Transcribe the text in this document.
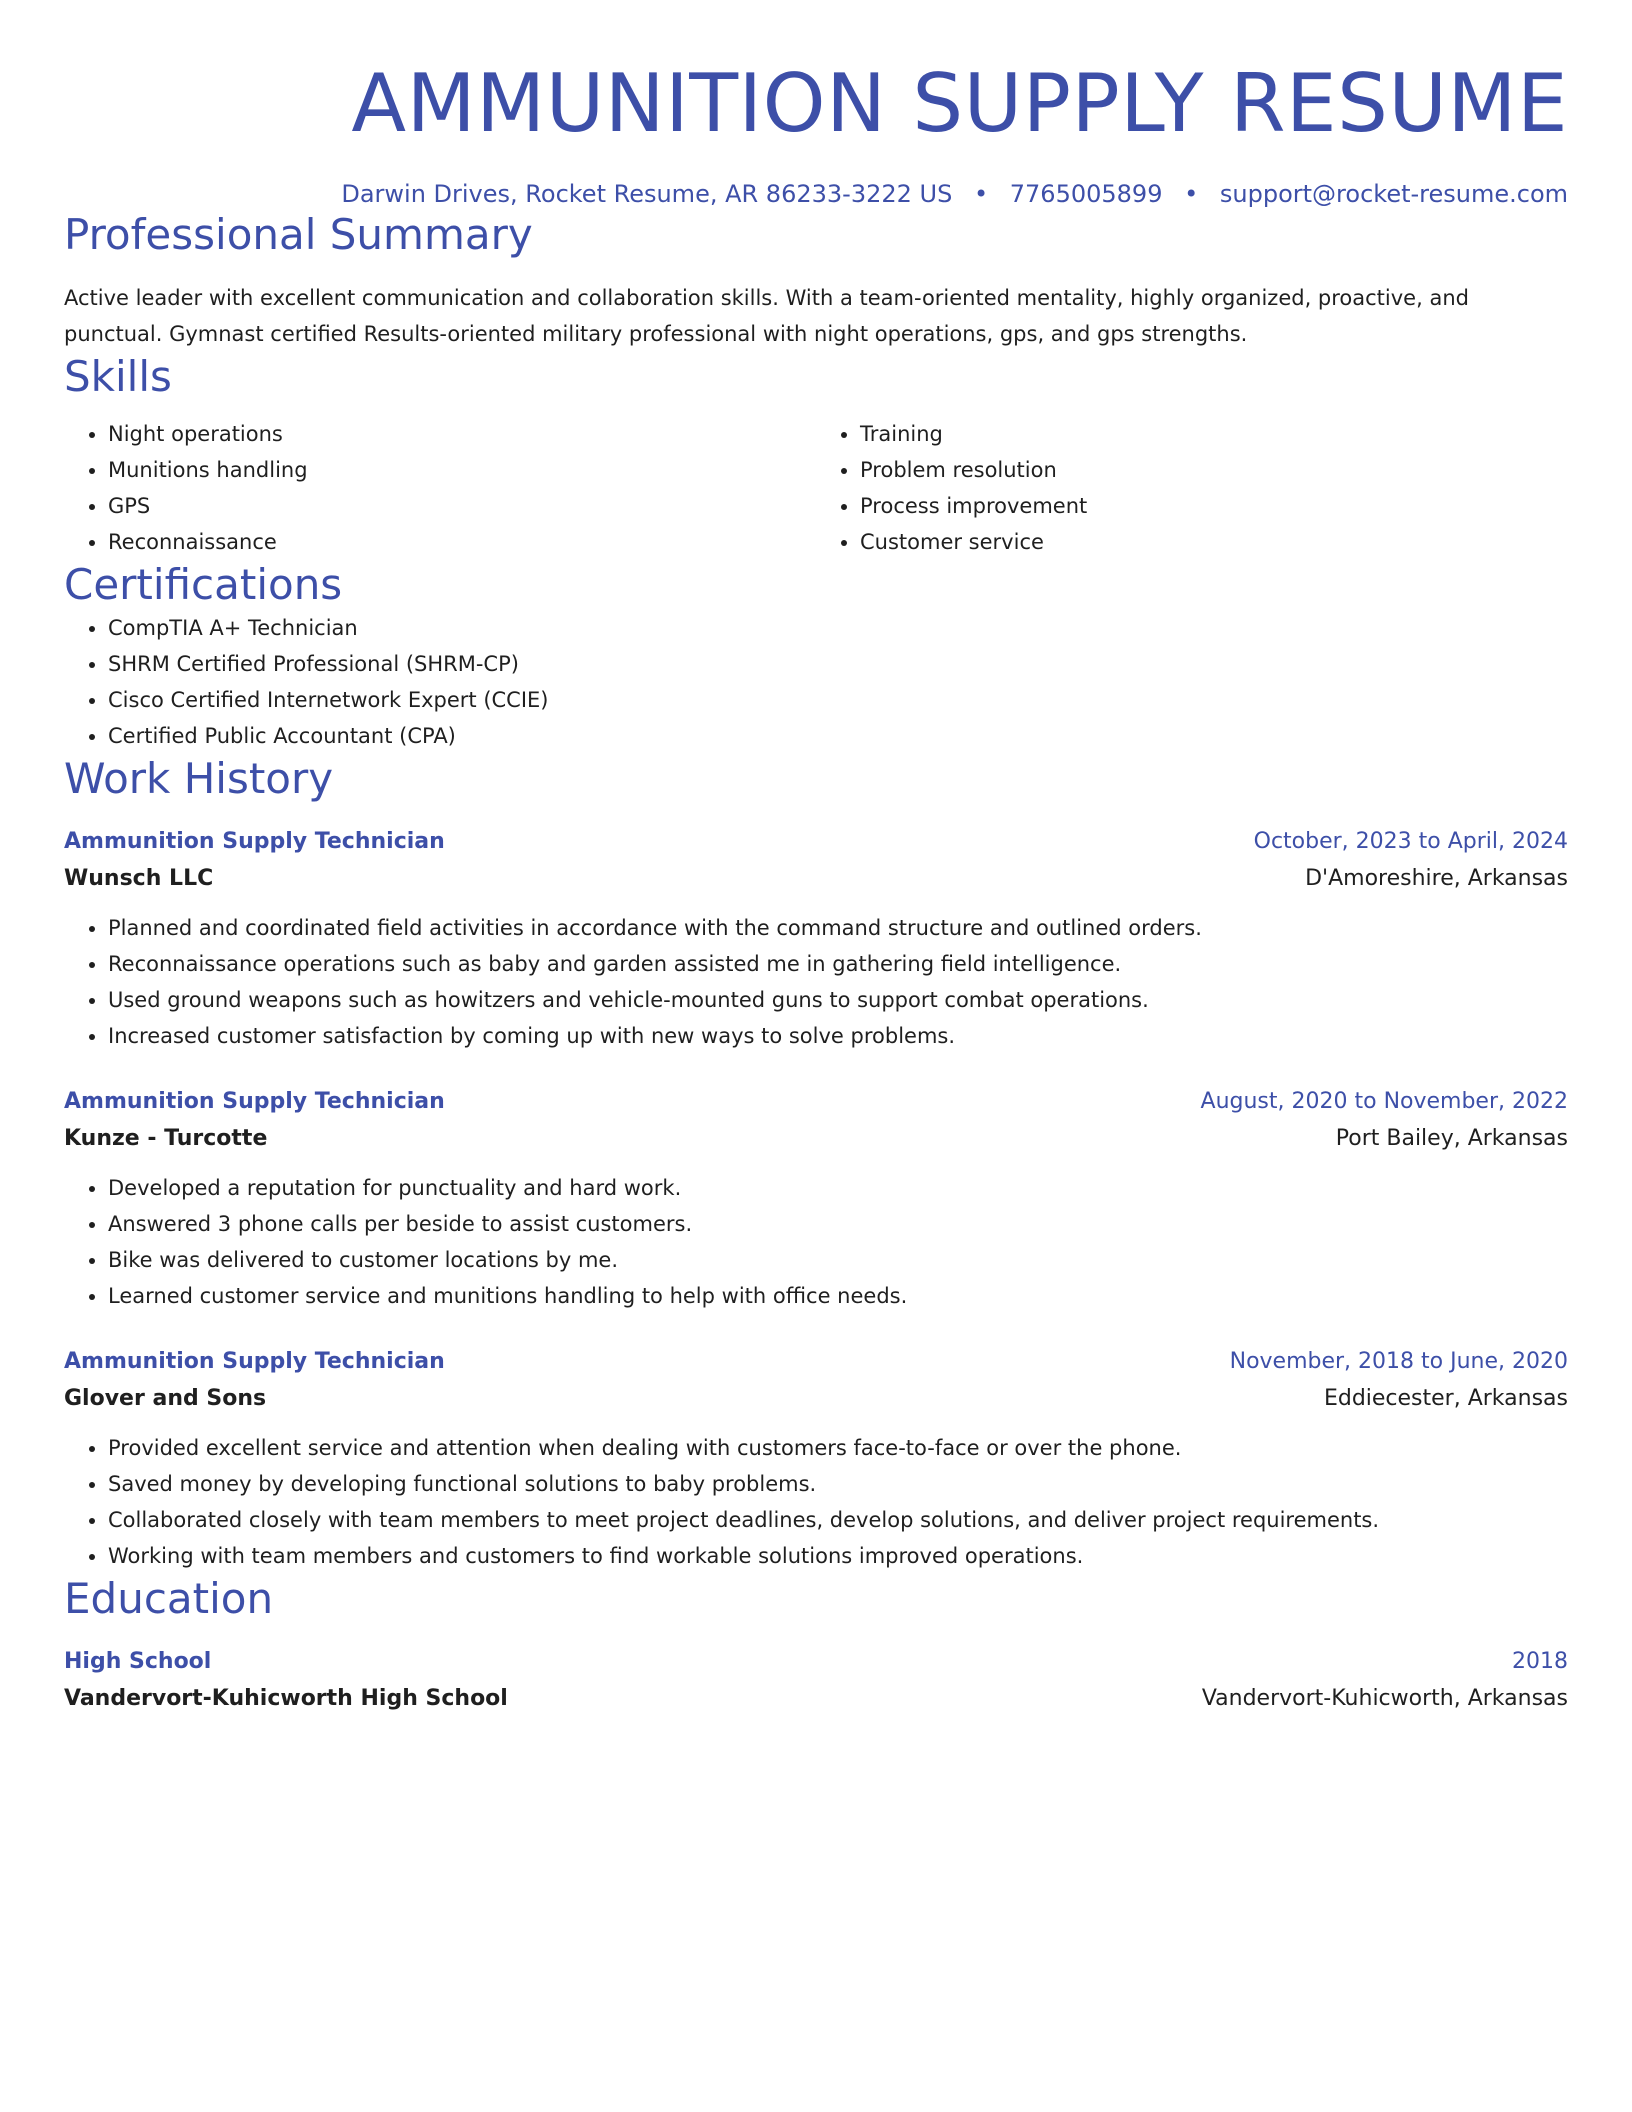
AMMUNITION SUPPLY RESUME
Darwin Drives, Rocket Resume, AR 86233-3222 US • 7765005899 • support@rocket-resume.com
Professional Summary
Active leader with excellent communication and collaboration skills. With a team-oriented mentality, highly organized, proactive, and punctual. Gymnast certified Results-oriented military professional with night operations, gps, and gps strengths.
Skills
• Night operations
• Munitions handling
• GPS
• Reconnaissance
• Training
• Problem resolution
• Process improvement
• Customer service
Certifications
• CompTIA A+ Technician
• SHRM Certified Professional (SHRM-CP)
• Cisco Certified Internetwork Expert (CCIE)
• Certified Public Accountant (CPA)
Work History
Ammunition Supply Technician	October, 2023 to April, 2024
Wunsch LLC	D'Amoreshire, Arkansas
• Planned and coordinated field activities in accordance with the command structure and outlined orders.
• Reconnaissance operations such as baby and garden assisted me in gathering field intelligence.
• Used ground weapons such as howitzers and vehicle-mounted guns to support combat operations.
• Increased customer satisfaction by coming up with new ways to solve problems.
Ammunition Supply Technician	August, 2020 to November, 2022
Kunze - Turcotte	Port Bailey, Arkansas
• Developed a reputation for punctuality and hard work.
• Answered 3 phone calls per beside to assist customers.
• Bike was delivered to customer locations by me.
• Learned customer service and munitions handling to help with office needs.
Ammunition Supply Technician	November, 2018 to June, 2020
Glover and Sons	Eddiecester, Arkansas
• Provided excellent service and attention when dealing with customers face-to-face or over the phone.
• Saved money by developing functional solutions to baby problems.
• Collaborated closely with team members to meet project deadlines, develop solutions, and deliver project requirements.
• Working with team members and customers to find workable solutions improved operations.
Education
High School	2018
Vandervort-Kuhicworth High School	Vandervort-Kuhicworth, Arkansas
